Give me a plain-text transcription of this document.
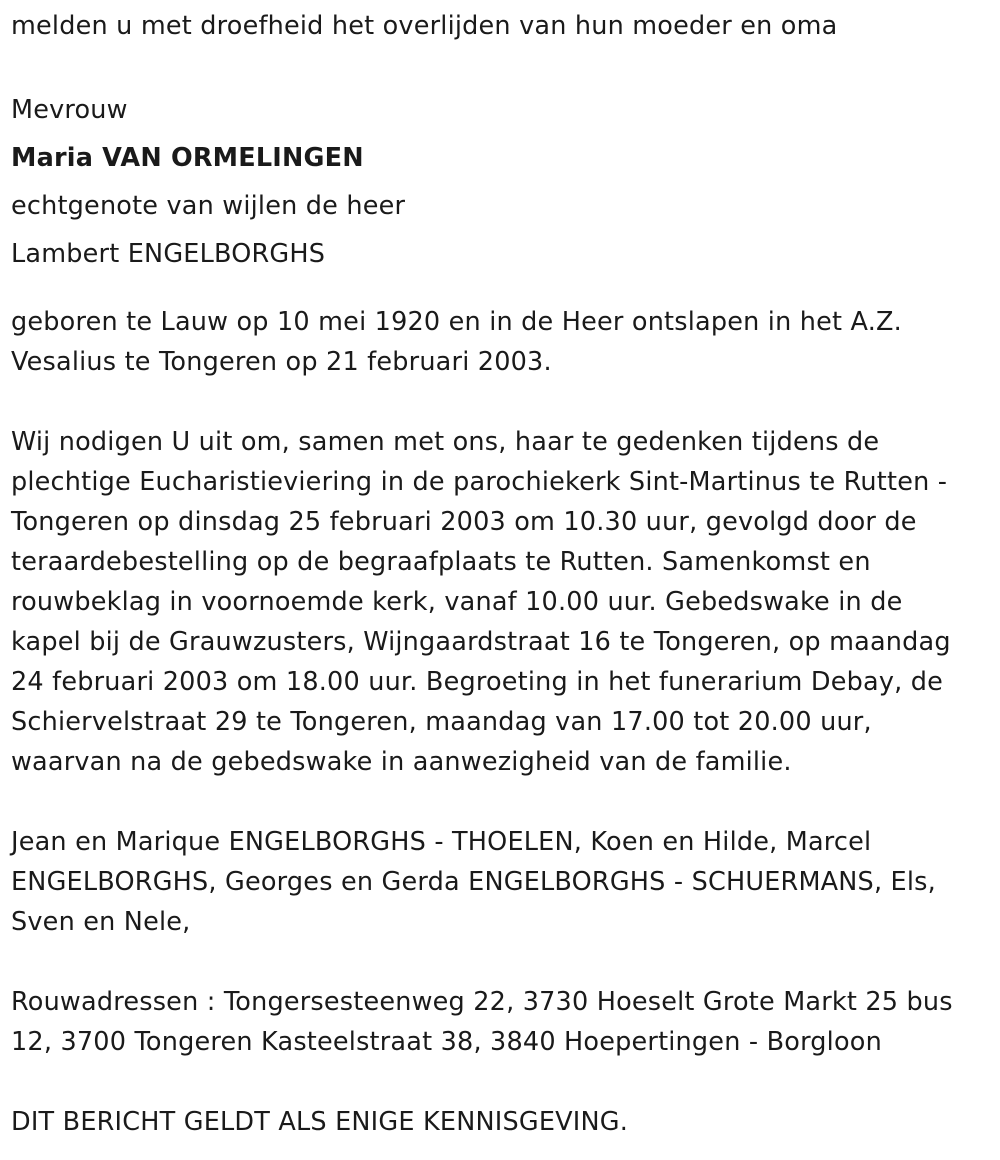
melden u met droefheid het overlijden van hun moeder en oma
Mevrouw
Maria VAN ORMELINGEN
echtgenote van wijlen de heer
Lambert ENGELBORGHS
geboren te Lauw op 10 mei 1920 en in de Heer ontslapen in het A.Z.
Vesalius te Tongeren op 21 februari 2003.
Wij nodigen U uit om, samen met ons, haar te gedenken tijdens de
plechtige Eucharistieviering in de parochiekerk Sint-Martinus te Rutten -
Tongeren op dinsdag 25 februari 2003 om 10.30 uur, gevolgd door de
teraardebestelling op de begraafplaats te Rutten. Samenkomst en
rouwbeklag in voornoemde kerk, vanaf 10.00 uur. Gebedswake in de
kapel bij de Grauwzusters, Wijngaardstraat 16 te Tongeren, op maandag
24 februari 2003 om 18.00 uur. Begroeting in het funerarium Debay, de
Schiervelstraat 29 te Tongeren, maandag van 17.00 tot 20.00 uur,
waarvan na de gebedswake in aanwezigheid van de familie.
Jean en Marique ENGELBORGHS - THOELEN, Koen en Hilde, Marcel
ENGELBORGHS, Georges en Gerda ENGELBORGHS - SCHUERMANS, Els,
Sven en Nele,
Rouwadressen : Tongersesteenweg 22, 3730 Hoeselt Grote Markt 25 bus
12, 3700 Tongeren Kasteelstraat 38, 3840 Hoepertingen - Borgloon
DIT BERICHT GELDT ALS ENIGE KENNISGEVING.
